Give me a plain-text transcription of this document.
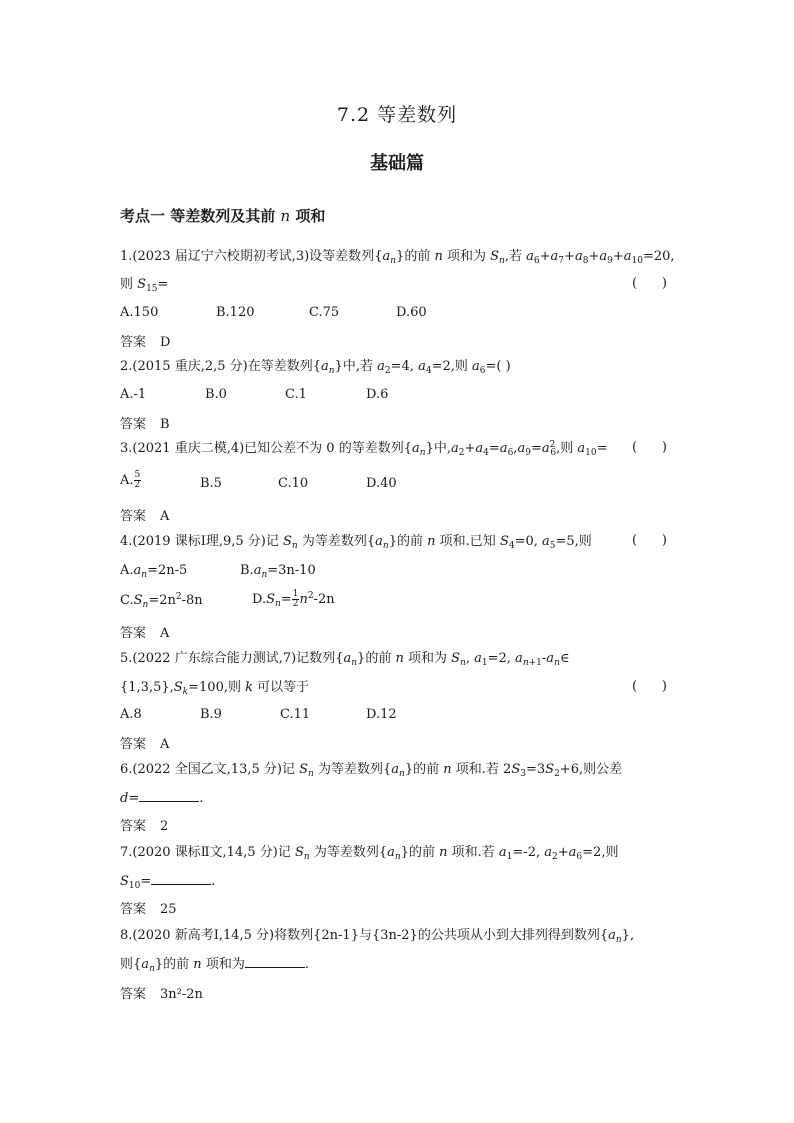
7.2 等差数列
基础篇
考点一 等差数列及其前 n 项和
1.(2023 届辽宁六校期初考试,3)设等差数列$\{a_n\}$的前 n 项和为 $S_n$,若 $a_6+a_7+a_8+a_9+a_{10}=20$,
则 $S_{15}=$	(      )
A.150	B.120	C.75	D.60
答案 D
2.(2015 重庆,2,5 分)在等差数列$\{a_n\}$中,若 $a_2=4$, $a_4=2$,则 $a_6=$( )
A.-1	B.0	C.1	D.6
答案 B
3.(2021 重庆二模,4)已知公差不为 0 的等差数列$\{a_n\}$中$,a_2+a_4=a_6,a_9=a^2_6$,则 $a_{10}=$ (      )
A. $\frac{5}{2}$	B.5	C.10	D.40
答案 A
4.(2019 课标Ⅰ理,9,5 分)记 $S_n$ 为等差数列$\{a_n\}$的前 n 项和.已知 $S_4=0$, $a_5=5$,则	(      )
$A.a_n=2n-5$	$B.a_n=3n-10$
$C.S_n=2n^2-8n$	$D.S_n= \frac{1}{2} n^2-2n$
答案 A
5.(2022 广东综合能力测试,7)记数列$\{a_n\}$的前 n 项和为 $S_n$, $a_1=2$, $a_{n+1}-a_n\in$
$\{1,3,5\},S_k=100$,则 k 可以等于	(      )
A.8	B.9	C.11	D.12
答案 A
6.(2022 全国乙文,13,5 分)记 $S_n$ 为等差数列$\{a_n\}$的前 n 项和.若 $2S_3=3S_2+6$,则公差
d=	.
答案 2
7.(2020 课标Ⅱ文,14,5 分)记 $S_n$ 为等差数列$\{a_n\}$的前 n 项和.若 $a_1=-2$, $a_2+a_6=2$,则
$S_{10}=$	.
答案 25
8.(2020 新高考Ⅰ,14,5 分)将数列{2n-1}与{3n-2}的公共项从小到大排列得到数列$\{a_n\}$,
则$\{a_n\}$的前 n 项和为	.
答案 3n²-2n
